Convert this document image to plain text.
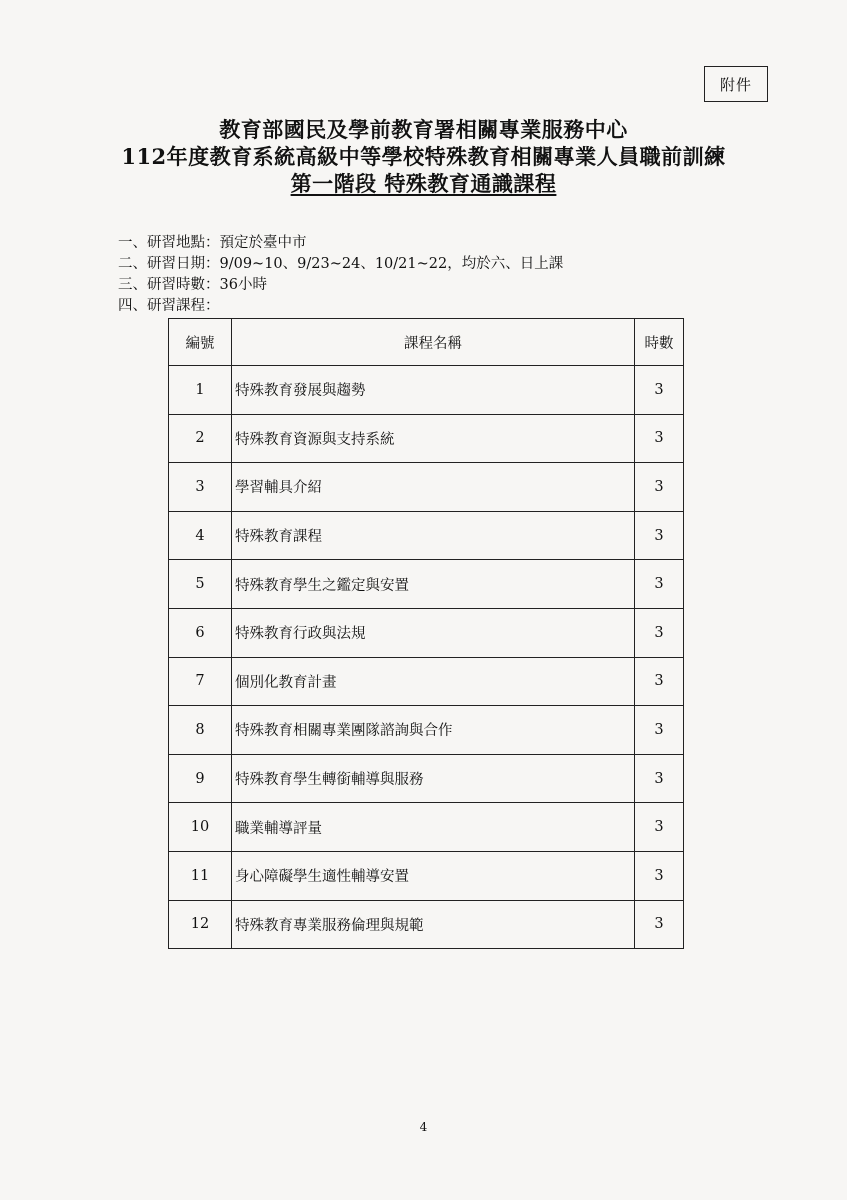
附件
教育部國民及學前教育署相關專業服務中心
112年度教育系統高級中等學校特殊教育相關專業人員職前訓練
第一階段 特殊教育通識課程
一、研習地點：預定於臺中市
二、研習日期：9/09~10、9/23~24、10/21~22，均於六、日上課
三、研習時數：36小時
四、研習課程：
編號	課程名稱	時數
1	特殊教育發展與趨勢	3
2	特殊教育資源與支持系統	3
3	學習輔具介紹	3
4	特殊教育課程	3
5	特殊教育學生之鑑定與安置	3
6	特殊教育行政與法規	3
7	個別化教育計畫	3
8	特殊教育相關專業團隊諮詢與合作	3
9	特殊教育學生轉銜輔導與服務	3
10	職業輔導評量	3
11	身心障礙學生適性輔導安置	3
12	特殊教育專業服務倫理與規範	3
4
